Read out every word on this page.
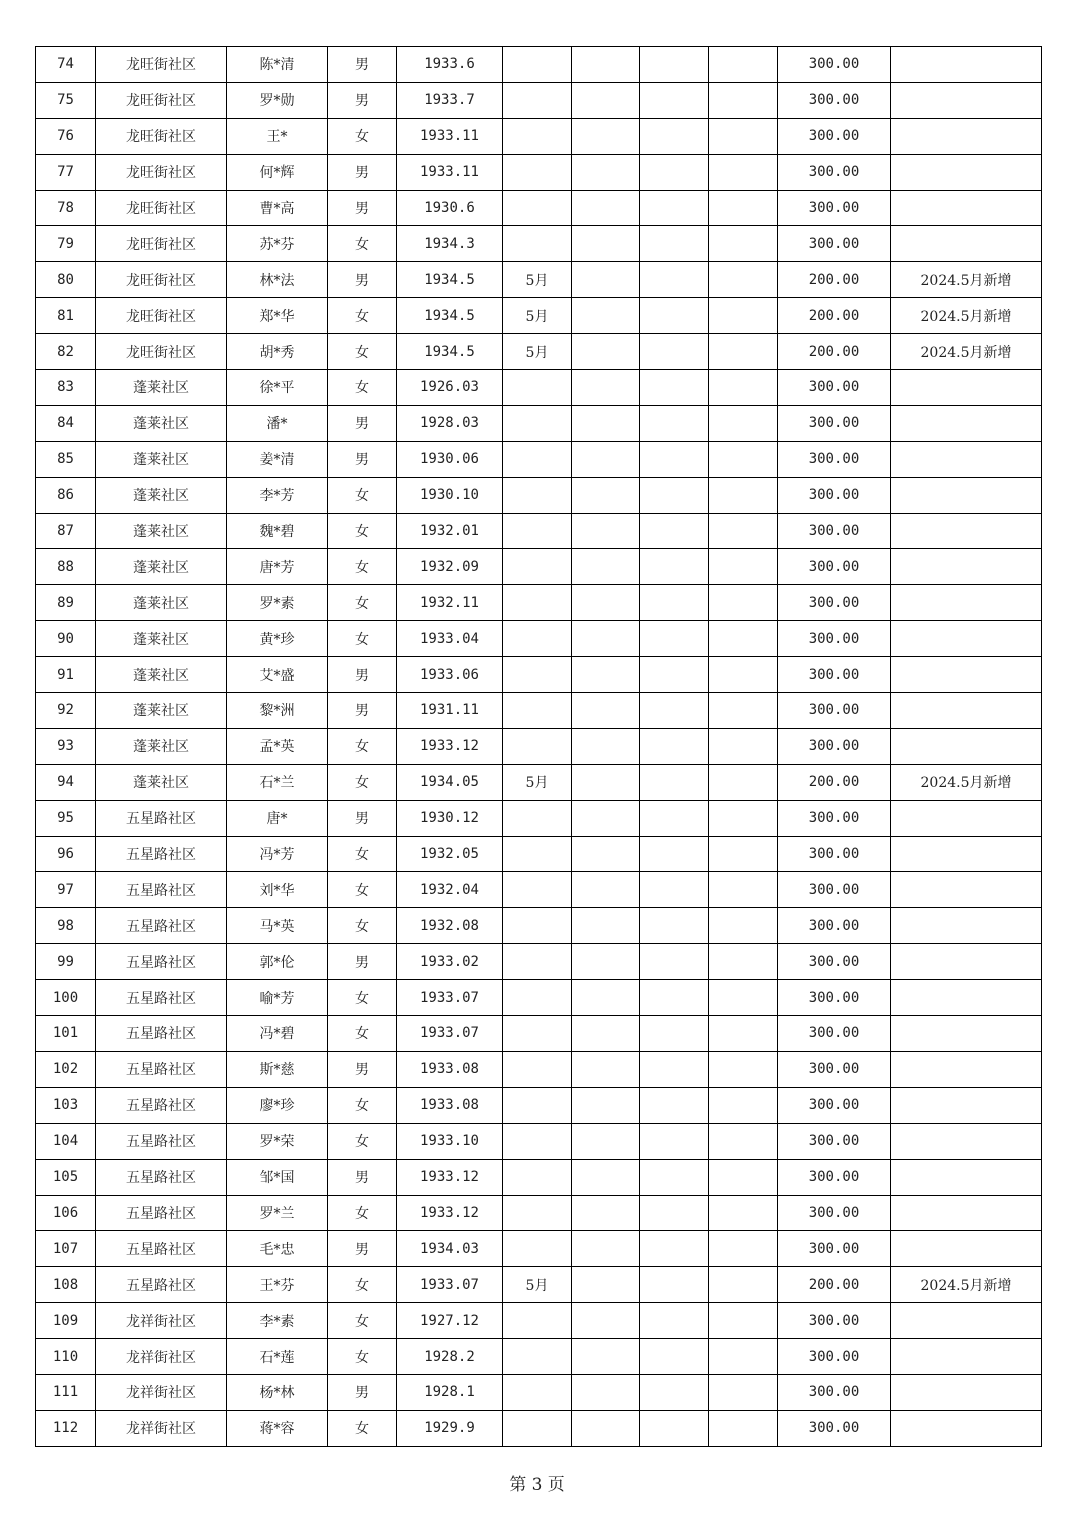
74	龙旺街社区	陈*清	男	1933.6					300.00	
75	龙旺街社区	罗*勋	男	1933.7					300.00	
76	龙旺街社区	王*	女	1933.11					300.00	
77	龙旺街社区	何*辉	男	1933.11					300.00	
78	龙旺街社区	曹*高	男	1930.6					300.00	
79	龙旺街社区	苏*芬	女	1934.3					300.00	
80	龙旺街社区	林*法	男	1934.5	5月				200.00	2024.5月新增
81	龙旺街社区	郑*华	女	1934.5	5月				200.00	2024.5月新增
82	龙旺街社区	胡*秀	女	1934.5	5月				200.00	2024.5月新增
83	蓬莱社区	徐*平	女	1926.03					300.00	
84	蓬莱社区	潘*	男	1928.03					300.00	
85	蓬莱社区	姜*清	男	1930.06					300.00	
86	蓬莱社区	李*芳	女	1930.10					300.00	
87	蓬莱社区	魏*碧	女	1932.01					300.00	
88	蓬莱社区	唐*芳	女	1932.09					300.00	
89	蓬莱社区	罗*素	女	1932.11					300.00	
90	蓬莱社区	黄*珍	女	1933.04					300.00	
91	蓬莱社区	艾*盛	男	1933.06					300.00	
92	蓬莱社区	黎*洲	男	1931.11					300.00	
93	蓬莱社区	孟*英	女	1933.12					300.00	
94	蓬莱社区	石*兰	女	1934.05	5月				200.00	2024.5月新增
95	五星路社区	唐*	男	1930.12					300.00	
96	五星路社区	冯*芳	女	1932.05					300.00	
97	五星路社区	刘*华	女	1932.04					300.00	
98	五星路社区	马*英	女	1932.08					300.00	
99	五星路社区	郭*伦	男	1933.02					300.00	
100	五星路社区	喻*芳	女	1933.07					300.00	
101	五星路社区	冯*碧	女	1933.07					300.00	
102	五星路社区	斯*慈	男	1933.08					300.00	
103	五星路社区	廖*珍	女	1933.08					300.00	
104	五星路社区	罗*荣	女	1933.10					300.00	
105	五星路社区	邹*国	男	1933.12					300.00	
106	五星路社区	罗*兰	女	1933.12					300.00	
107	五星路社区	毛*忠	男	1934.03					300.00	
108	五星路社区	王*芬	女	1933.07	5月				200.00	2024.5月新增
109	龙祥街社区	李*素	女	1927.12					300.00	
110	龙祥街社区	石*莲	女	1928.2					300.00	
111	龙祥街社区	杨*林	男	1928.1					300.00	
112	龙祥街社区	蒋*容	女	1929.9					300.00	
第 3 页
